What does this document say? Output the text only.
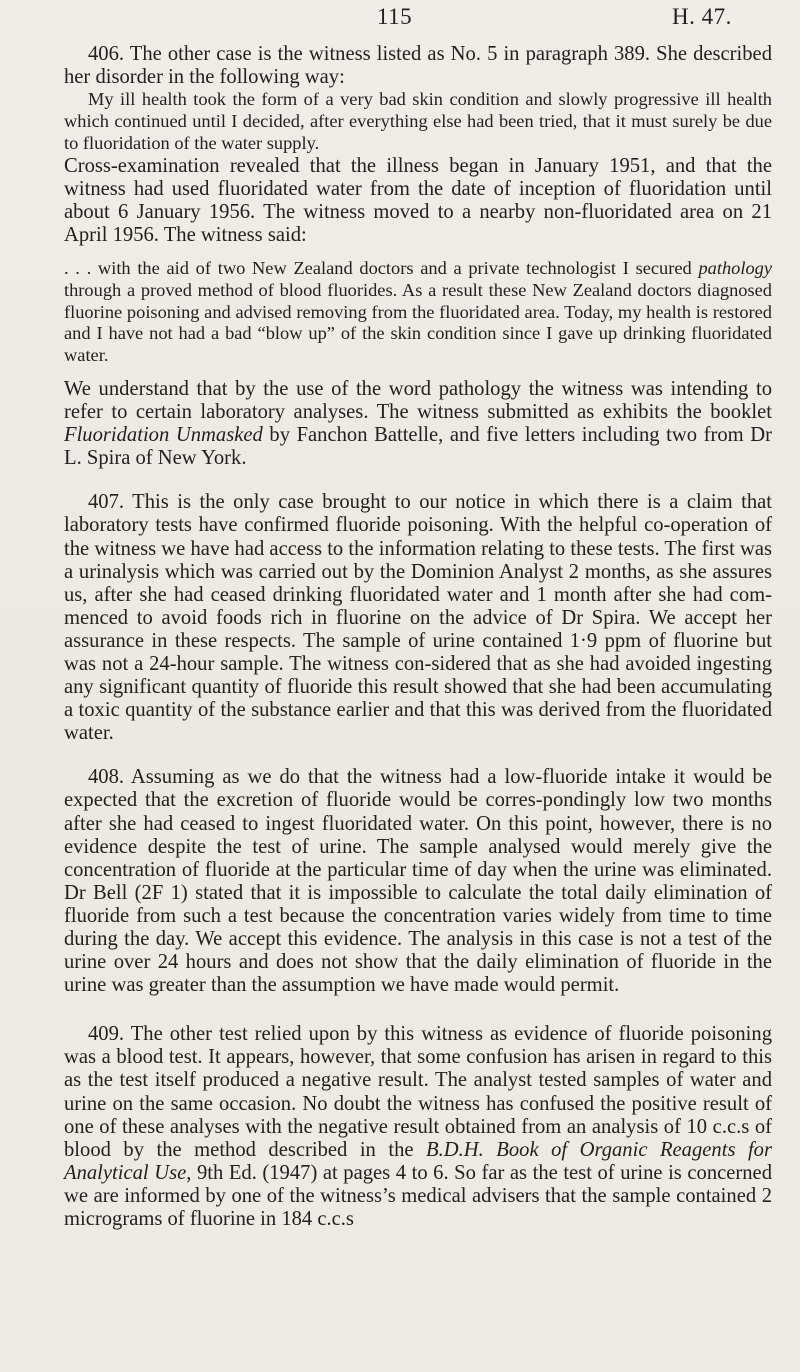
115	H. 47.

406. The other case is the witness listed as No. 5 in paragraph 389. She described her disorder in the following way:

My ill health took the form of a very bad skin condition and slowly progressive ill health which continued until I decided, after everything else had been tried, that it must surely be due to fluoridation of the water supply.

Cross-examination revealed that the illness began in January 1951, and that the witness had used fluoridated water from the date of inception of fluoridation until about 6 January 1956. The witness moved to a nearby non-fluoridated area on 21 April 1956. The witness said:

. . . with the aid of two New Zealand doctors and a private technologist I secured pathology through a proved method of blood fluorides. As a result these New Zealand doctors diagnosed fluorine poisoning and advised removing from the fluoridated area. Today, my health is restored and I have not had a bad “blow up” of the skin condition since I gave up drinking fluoridated water.

We understand that by the use of the word pathology the witness was intending to refer to certain laboratory analyses. The witness submitted as exhibits the booklet Fluoridation Unmasked by Fanchon Battelle, and five letters including two from Dr L. Spira of New York.

407. This is the only case brought to our notice in which there is a claim that laboratory tests have confirmed fluoride poisoning. With the helpful co-operation of the witness we have had access to the information relating to these tests. The first was a urinalysis which was carried out by the Dominion Analyst 2 months, as she assures us, after she had ceased drinking fluoridated water and 1 month after she had com-menced to avoid foods rich in fluorine on the advice of Dr Spira. We accept her assurance in these respects. The sample of urine contained 1·9 ppm of fluorine but was not a 24-hour sample. The witness con-sidered that as she had avoided ingesting any significant quantity of fluoride this result showed that she had been accumulating a toxic quantity of the substance earlier and that this was derived from the fluoridated water.

408. Assuming as we do that the witness had a low-fluoride intake it would be expected that the excretion of fluoride would be corres-pondingly low two months after she had ceased to ingest fluoridated water. On this point, however, there is no evidence despite the test of urine. The sample analysed would merely give the concentration of fluoride at the particular time of day when the urine was eliminated. Dr Bell (2F 1) stated that it is impossible to calculate the total daily elimination of fluoride from such a test because the concentration varies widely from time to time during the day. We accept this evidence. The analysis in this case is not a test of the urine over 24 hours and does not show that the daily elimination of fluoride in the urine was greater than the assumption we have made would permit.

409. The other test relied upon by this witness as evidence of fluoride poisoning was a blood test. It appears, however, that some confusion has arisen in regard to this as the test itself produced a negative result. The analyst tested samples of water and urine on the same occasion. No doubt the witness has confused the positive result of one of these analyses with the negative result obtained from an analysis of 10 c.c.s of blood by the method described in the B.D.H. Book of Organic Reagents for Analytical Use, 9th Ed. (1947) at pages 4 to 6. So far as the test of urine is concerned we are informed by one of the witness’s medical advisers that the sample contained 2 micrograms of fluorine in 184 c.c.s
